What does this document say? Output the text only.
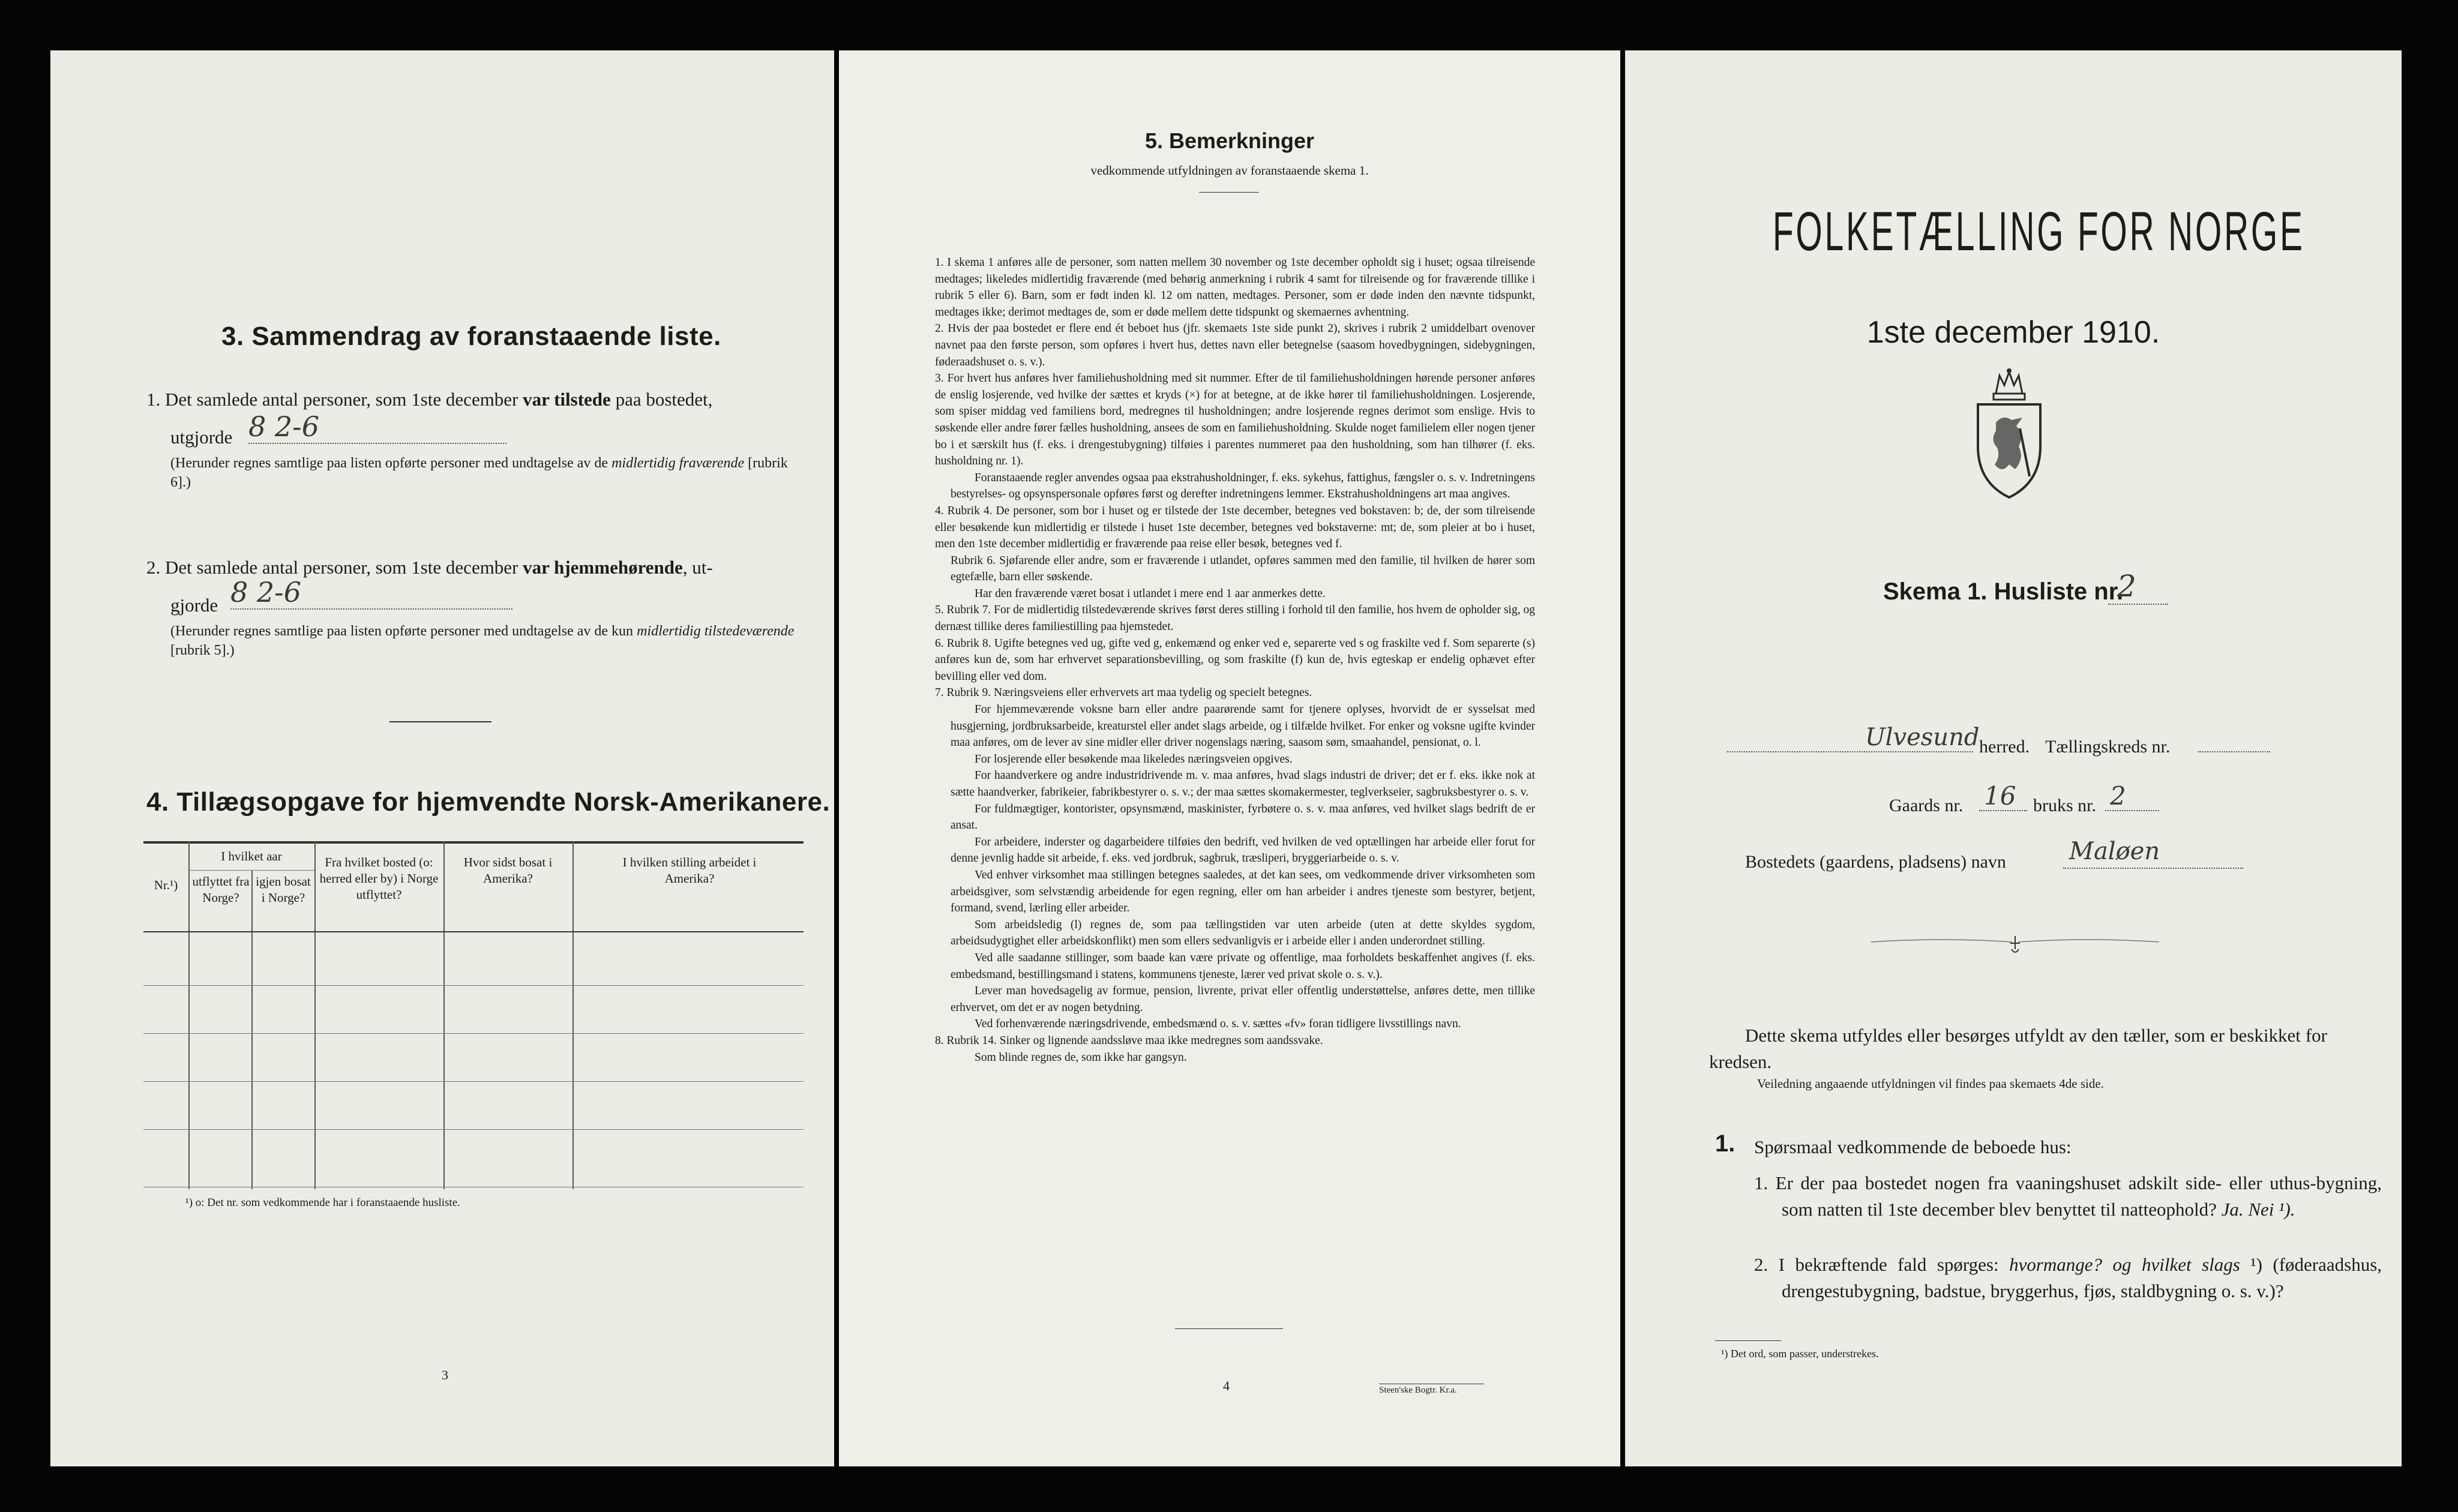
3. Sammendrag av foranstaaende liste.
1. Det samlede antal personer, som 1ste december var tilstede paa bostedet,
utgjorde 8 2-6
(Herunder regnes samtlige paa listen opførte personer med undtagelse av de midlertidig fraværende [rubrik 6].)
2. Det samlede antal personer, som 1ste december var hjemmehørende, ut-
gjorde 8 2-6
(Herunder regnes samtlige paa listen opførte personer med undtagelse av de kun midlertidig tilstedeværende [rubrik 5].)
4. Tillægsopgave for hjemvendte Norsk-Amerikanere.
Nr.¹)
I hvilket aar
utflyttet fra Norge?
igjen bosat i Norge?
Fra hvilket bosted (o: herred eller by) i Norge utflyttet?
Hvor sidst bosat i Amerika?
I hvilken stilling arbeidet i Amerika?
¹) o: Det nr. som vedkommende har i foranstaaende husliste.
3
5. Bemerkninger
vedkommende utfyldningen av foranstaaende skema 1.

1. I skema 1 anføres alle de personer, som natten mellem 30 november og 1ste december opholdt sig i huset; ogsaa tilreisende medtages; likeledes midlertidig fraværende (med behørig anmerkning i rubrik 4 samt for tilreisende og for fraværende tillike i rubrik 5 eller 6). Barn, som er født inden kl. 12 om natten, medtages. Personer, som er døde inden den nævnte tidspunkt, medtages ikke; derimot medtages de, som er døde mellem dette tidspunkt og skemaernes avhentning.

2. Hvis der paa bostedet er flere end ét beboet hus (jfr. skemaets 1ste side punkt 2), skrives i rubrik 2 umiddelbart ovenover navnet paa den første person, som opføres i hvert hus, dettes navn eller betegnelse (saasom hovedbygningen, sidebygningen, føderaadshuset o. s. v.).

3. For hvert hus anføres hver familiehusholdning med sit nummer. Efter de til familiehusholdningen hørende personer anføres de enslig losjerende, ved hvilke der sættes et kryds (×) for at betegne, at de ikke hører til familiehusholdningen. Losjerende, som spiser middag ved familiens bord, medregnes til husholdningen; andre losjerende regnes derimot som enslige. Hvis to søskende eller andre fører fælles husholdning, ansees de som en familiehusholdning. Skulde noget familielem eller nogen tjener bo i et særskilt hus (f. eks. i drengestubygning) tilføies i parentes nummeret paa den husholdning, som han tilhører (f. eks. husholdning nr. 1).

Foranstaaende regler anvendes ogsaa paa ekstrahusholdninger, f. eks. sykehus, fattighus, fængsler o. s. v. Indretningens bestyrelses- og opsynspersonale opføres først og derefter indretningens lemmer. Ekstrahusholdningens art maa angives.

4. Rubrik 4. De personer, som bor i huset og er tilstede der 1ste december, betegnes ved bokstaven: b; de, der som tilreisende eller besøkende kun midlertidig er tilstede i huset 1ste december, betegnes ved bokstaverne: mt; de, som pleier at bo i huset, men den 1ste december midlertidig er fraværende paa reise eller besøk, betegnes ved f.

Rubrik 6. Sjøfarende eller andre, som er fraværende i utlandet, opføres sammen med den familie, til hvilken de hører som egtefælle, barn eller søskende.

Har den fraværende været bosat i utlandet i mere end 1 aar anmerkes dette.

5. Rubrik 7. For de midlertidig tilstedeværende skrives først deres stilling i forhold til den familie, hos hvem de opholder sig, og dernæst tillike deres familiestilling paa hjemstedet.

6. Rubrik 8. Ugifte betegnes ved ug, gifte ved g, enkemænd og enker ved e, separerte ved s og fraskilte ved f. Som separerte (s) anføres kun de, som har erhvervet separationsbevilling, og som fraskilte (f) kun de, hvis egteskap er endelig ophævet efter bevilling eller ved dom.

7. Rubrik 9. Næringsveiens eller erhvervets art maa tydelig og specielt betegnes.

For hjemmeværende voksne barn eller andre paarørende samt for tjenere oplyses, hvorvidt de er sysselsat med husgjerning, jordbruksarbeide, kreaturstel eller andet slags arbeide, og i tilfælde hvilket. For enker og voksne ugifte kvinder maa anføres, om de lever av sine midler eller driver nogenslags næring, saasom søm, smaahandel, pensionat, o. l.

For losjerende eller besøkende maa likeledes næringsveien opgives.

For haandverkere og andre industridrivende m. v. maa anføres, hvad slags industri de driver; det er f. eks. ikke nok at sætte haandverker, fabrikeier, fabrikbestyrer o. s. v.; der maa sættes skomakermester, teglverkseier, sagbruksbestyrer o. s. v.

For fuldmægtiger, kontorister, opsynsmænd, maskinister, fyrbøtere o. s. v. maa anføres, ved hvilket slags bedrift de er ansat.

For arbeidere, inderster og dagarbeidere tilføies den bedrift, ved hvilken de ved optællingen har arbeide eller forut for denne jevnlig hadde sit arbeide, f. eks. ved jordbruk, sagbruk, træsliperi, bryggeriarbeide o. s. v.

Ved enhver virksomhet maa stillingen betegnes saaledes, at det kan sees, om vedkommende driver virksomheten som arbeidsgiver, som selvstændig arbeidende for egen regning, eller om han arbeider i andres tjeneste som bestyrer, betjent, formand, svend, lærling eller arbeider.

Som arbeidsledig (l) regnes de, som paa tællingstiden var uten arbeide (uten at dette skyldes sygdom, arbeidsudygtighet eller arbeidskonflikt) men som ellers sedvanligvis er i arbeide eller i anden underordnet stilling.

Ved alle saadanne stillinger, som baade kan være private og offentlige, maa forholdets beskaffenhet angives (f. eks. embedsmand, bestillingsmand i statens, kommunens tjeneste, lærer ved privat skole o. s. v.).

Lever man hovedsagelig av formue, pension, livrente, privat eller offentlig understøttelse, anføres dette, men tillike erhvervet, om det er av nogen betydning.

Ved forhenværende næringsdrivende, embedsmænd o. s. v. sættes «fv» foran tidligere livsstillings navn.

8. Rubrik 14. Sinker og lignende aandssløve maa ikke medregnes som aandssvake.

Som blinde regnes de, som ikke har gangsyn.

4	Steen'ske Bogtr. Kr.a.
FOLKETÆLLING FOR NORGE
1ste december 1910.
Skema 1. Husliste nr.
2
Ulvesund herred. Tællingskreds nr.
Gaards nr. 16 bruks nr. 2
Bostedets (gaardens, pladsens) navn	Maløen
Dette skema utfyldes eller besørges utfyldt av den tæller, som er beskikket for kredsen.
Veiledning angaaende utfyldningen vil findes paa skemaets 4de side.
1. Spørsmaal vedkommende de beboede hus:
1. Er der paa bostedet nogen fra vaaningshuset adskilt side- eller uthus-bygning, som natten til 1ste december blev benyttet til natteophold? Ja. Nei ¹).
2. I bekræftende fald spørges: hvormange? og hvilket slags ¹) (føderaadshus, drengestubygning, badstue, bryggerhus, fjøs, staldbygning o. s. v.)?
¹) Det ord, som passer, understrekes.
